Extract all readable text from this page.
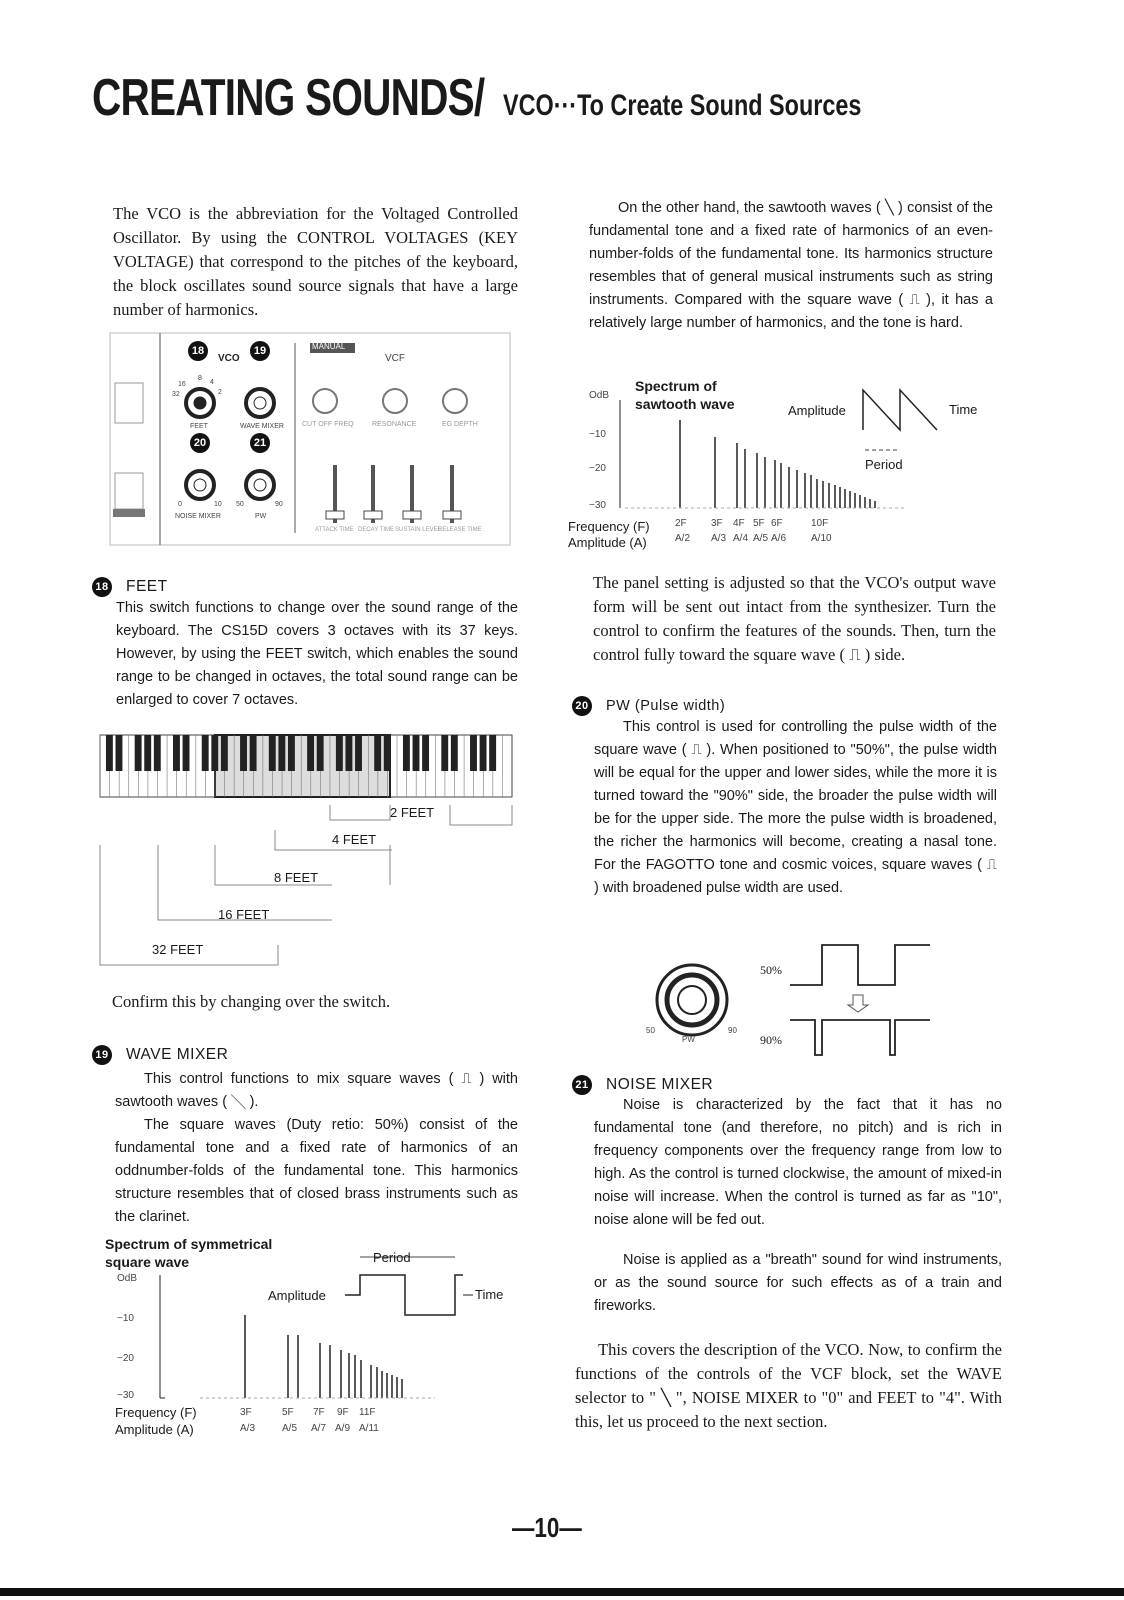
CREATING SOUNDS/ VCO···To Create Sound Sources

The VCO is the abbreviation for the Voltaged Controlled Oscillator. By using the CONTROL VOLTAGES (KEY VOLTAGE) that correspond to the pitches of the keyboard, the block oscillates sound source signals that have a large number of harmonics.

18	19
20	21
VCO	VCF
MANUAL
FEET	WAVE MIXER	CUT OFF FREQ	RESONANCE	EG DEPTH
NOISE MIXER	PW
ATTACK TIME DECAY TIME SUSTAIN LEVEL
RELEASE TIME
16
8
4
32	2
0	10 50	90
18 FEET

This switch functions to change over the sound range of the keyboard. The CS15D covers 3 octaves with its 37 keys. However, by using the FEET switch, which enables the sound range to be changed in octaves, the total sound range can be enlarged to cover 7 octaves.

2 FEET
4 FEET
8 FEET
16 FEET
32 FEET

Confirm this by changing over the switch.

19 WAVE MIXER

This control functions to mix square waves ( ⎍ ) with sawtooth waves ( ╲ ).

The square waves (Duty retio: 50%) consist of the fundamental tone and a fixed rate of harmonics of an oddnumber-folds of the fundamental tone. This harmonics structure resembles that of closed brass instruments such as the clarinet.

Spectrum of symmetrical
square wave	Period
Amplitude	Time
OdB
−10
−20
−30
Frequency (F)
Amplitude (A)
3F	5F 7F 9F 11F
A/3	A/5 A/7 A/9 A/11

On the other hand, the sawtooth waves ( ╲ ) consist of the fundamental tone and a fixed rate of harmonics of an even-number-folds of the fundamental tone. Its harmonics structure resembles that of general musical instruments such as string instruments. Compared with the square wave ( ⎍ ), it has a relatively large number of harmonics, and the tone is hard.

Spectrum of
sawtooth wave	Amplitude	Time
Period
OdB
−10
−20
−30
Frequency (F)
Amplitude (A)
2F 3F 4F 5F 6F	10F
A/2 A/3 A/4 A/5 A/6 A/10

The panel setting is adjusted so that the VCO's output wave form will be sent out intact from the synthesizer. Turn the control to confirm the features of the sounds. Then, turn the control fully toward the square wave ( ⎍ ) side.

20 PW (Pulse width)

This control is used for controlling the pulse width of the square wave ( ⎍ ). When positioned to "50%", the pulse width will be equal for the upper and lower sides, while the more it is turned toward the "90%" side, the broader the pulse width will be for the upper side. The more the pulse width is broadened, the richer the harmonics will become, creating a nasal tone. For the FAGOTTO tone and cosmic voices, square waves ( ⎍ ) with broadened pulse width are used.

50%
90%
PW
50	90
21 NOISE MIXER

Noise is characterized by the fact that it has no fundamental tone (and therefore, no pitch) and is rich in frequency components over the frequency range from low to high. As the control is turned clockwise, the amount of mixed-in noise will increase. When the control is turned as far as "10", noise alone will be fed out.

Noise is applied as a "breath" sound for wind instruments, or as the sound source for such effects as of a train and fireworks.

This covers the description of the VCO. Now, to confirm the functions of the controls of the VCF block, set the WAVE selector to " ╲ ", NOISE MIXER to "0" and FEET to "4". With this, let us proceed to the next section.

—10—
